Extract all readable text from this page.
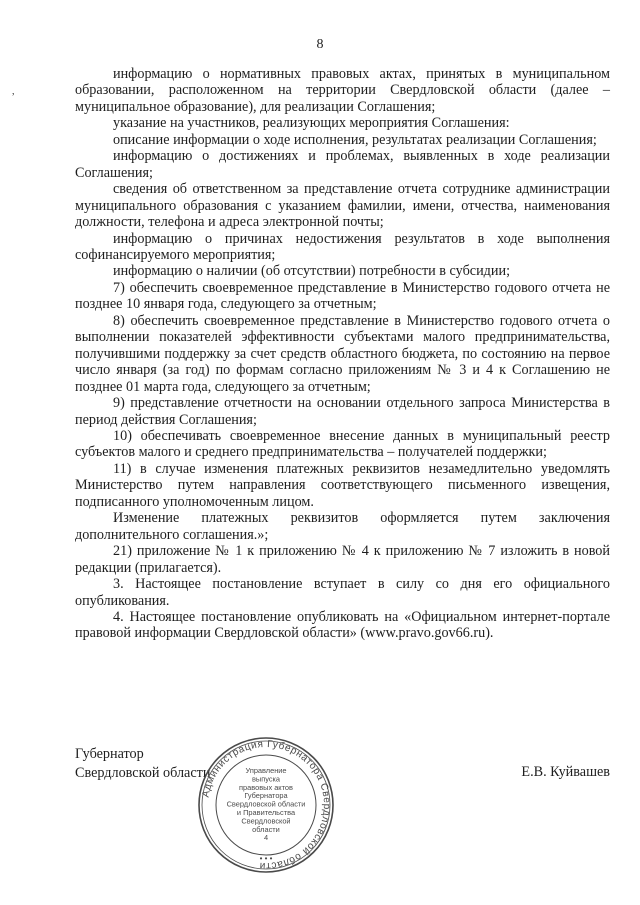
8
,

информацию о нормативных правовых актах, принятых в муниципальном образовании, расположенном на территории Свердловской области (далее – муниципальное образование), для реализации Соглашения;

указание на участников, реализующих мероприятия Соглашения:

описание информации о ходе исполнения, результатах реализации Соглашения;

информацию о достижениях и проблемах, выявленных в ходе реализации Соглашения;

сведения об ответственном за представление отчета сотруднике администрации муниципального образования с указанием фамилии, имени, отчества, наименования должности, телефона и адреса электронной почты;

информацию о причинах недостижения результатов в ходе выполнения софинансируемого мероприятия;

информацию о наличии (об отсутствии) потребности в субсидии;

7) обеспечить своевременное представление в Министерство годового отчета не позднее 10 января года, следующего за отчетным;

8) обеспечить своевременное представление в Министерство годового отчета о выполнении показателей эффективности субъектами малого предпринимательства, получившими поддержку за счет средств областного бюджета, по состоянию на первое число января (за год) по формам согласно приложениям № 3 и 4 к Соглашению не позднее 01 марта года, следующего за отчетным;

9) представление отчетности на основании отдельного запроса Министерства в период действия Соглашения;

10) обеспечивать своевременное внесение данных в муниципальный реестр субъектов малого и среднего предпринимательства – получателей поддержки;

11) в случае изменения платежных реквизитов незамедлительно уведомлять Министерство путем направления соответствующего письменного извещения, подписанного уполномоченным лицом.

Изменение платежных реквизитов оформляется путем заключения дополнительного соглашения.»;

21) приложение № 1 к приложению № 4 к приложению № 7 изложить в новой редакции (прилагается).

3. Настоящее постановление вступает в силу со дня его официального опубликования.

4. Настоящее постановление опубликовать на «Официальном интернет-портале правовой информации Свердловской области» (www.pravo.gov66.ru).

Губернатор
Свердловской области
Администрация Губернатора Свердловской области
Управление
выпуска
правовых актов
Губернатора
Свердловской области
и Правительства
Свердловской
области
4
• • •
Е.В. Куйвашев
